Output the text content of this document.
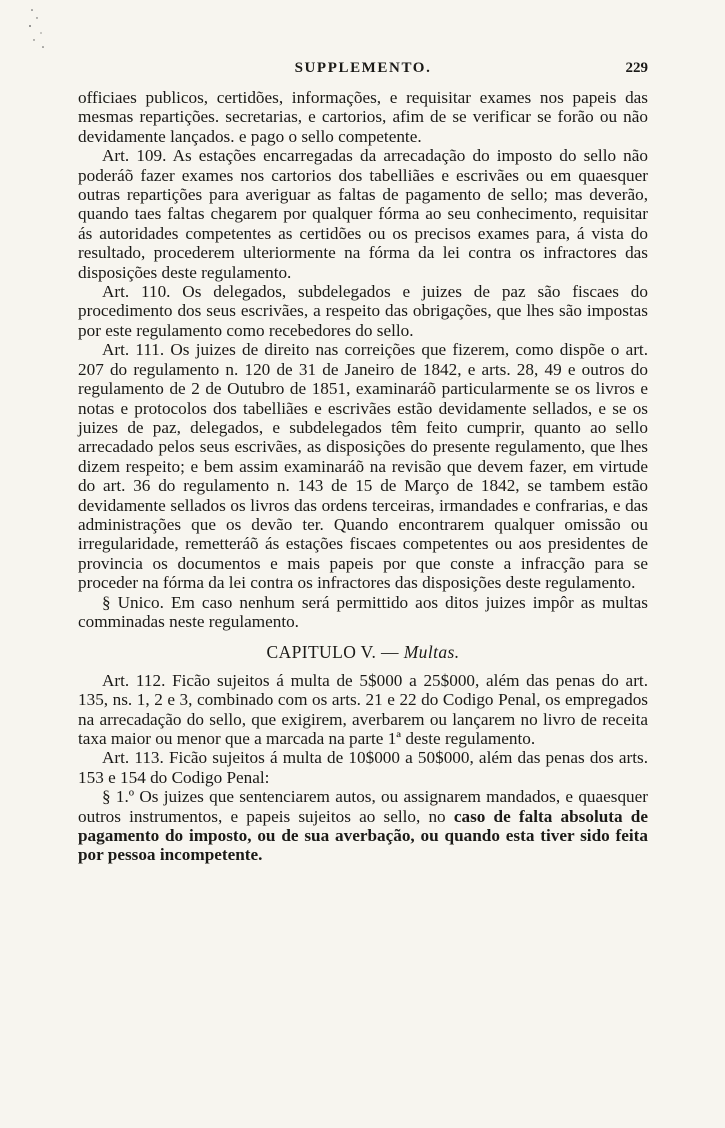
SUPPLEMENTO.	229

officiaes publicos, certidões, informações, e requisitar exames nos papeis das mesmas repartições. secretarias, e cartorios, afim de se verificar se forão ou não devidamente lançados. e pago o sello competente.

Art. 109. As estações encarregadas da arrecadação do imposto do sello não poderáõ fazer exames nos cartorios dos tabelliães e escrivães ou em quaesquer outras repartições para averiguar as faltas de pagamento de sello; mas deverão, quando taes faltas chegarem por qualquer fórma ao seu conhecimento, requisitar ás autoridades competentes as certidões ou os precisos exames para, á vista do resultado, procederem ulteriormente na fórma da lei contra os infractores das disposições deste regulamento.

Art. 110. Os delegados, subdelegados e juizes de paz são fiscaes do procedimento dos seus escrivães, a respeito das obrigações, que lhes são impostas por este regulamento como recebedores do sello.

Art. 111. Os juizes de direito nas correições que fizerem, como dispõe o art. 207 do regulamento n. 120 de 31 de Janeiro de 1842, e arts. 28, 49 e outros do regulamento de 2 de Outubro de 1851, examinaráõ particularmente se os livros e notas e protocolos dos tabelliães e escrivães estão devidamente sellados, e se os juizes de paz, delegados, e subdelegados têm feito cumprir, quanto ao sello arrecadado pelos seus escrivães, as disposições do presente regulamento, que lhes dizem respeito; e bem assim examinaráõ na revisão que devem fazer, em virtude do art. 36 do regulamento n. 143 de 15 de Março de 1842, se tambem estão devidamente sellados os livros das ordens terceiras, irmandades e confrarias, e das administrações que os devão ter. Quando encontrarem qualquer omissão ou irregularidade, remetteráõ ás estações fiscaes competentes ou aos presidentes de provincia os documentos e mais papeis por que conste a infracção para se proceder na fórma da lei contra os infractores das disposições deste regulamento.

§ Unico. Em caso nenhum será permittido aos ditos juizes impôr as multas comminadas neste regulamento.

CAPITULO V. — Multas.

Art. 112. Ficão sujeitos á multa de 5$000 a 25$000, além das penas do art. 135, ns. 1, 2 e 3, combinado com os arts. 21 e 22 do Codigo Penal, os empregados na arrecadação do sello, que exigirem, averbarem ou lançarem no livro de receita taxa maior ou menor que a marcada na parte 1ª deste regulamento.

Art. 113. Ficão sujeitos á multa de 10$000 a 50$000, além das penas dos arts. 153 e 154 do Codigo Penal:

§ 1.º Os juizes que sentenciarem autos, ou assignarem mandados, e quaesquer outros instrumentos, e papeis sujeitos ao sello, no caso de falta absoluta de pagamento do imposto, ou de sua averbação, ou quando esta tiver sido feita por pessoa incompetente.
